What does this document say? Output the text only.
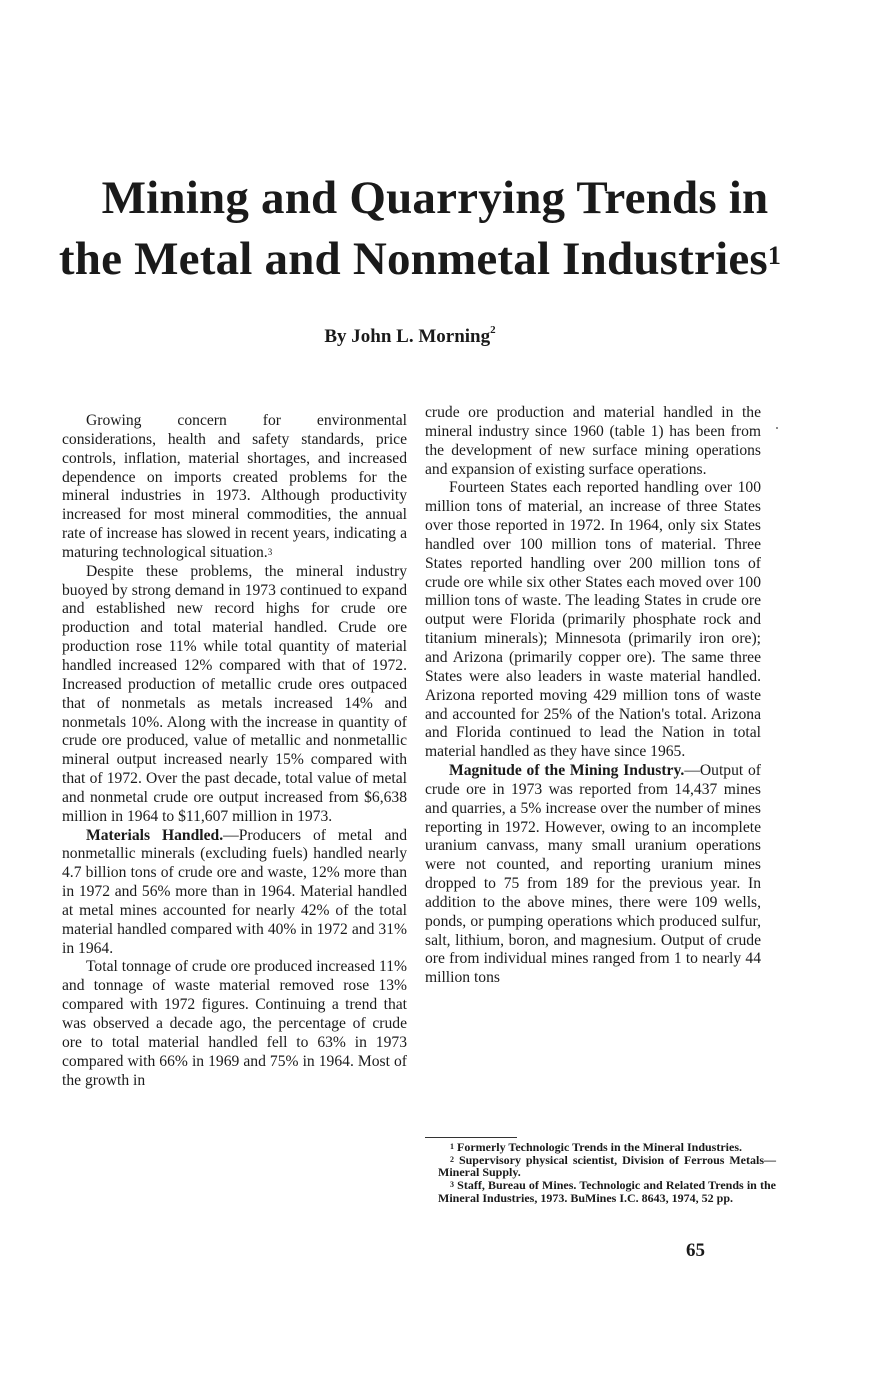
Mining and Quarrying Trends in
the Metal and Nonmetal Industries$^1$
By John L. Morning$^2$

Growing concern for environmental considerations, health and safety standards, price controls, inflation, material shortages, and increased dependence on imports created problems for the mineral industries in 1973. Although productivity increased for most mineral commodities, the annual rate of increase has slowed in recent years, indicating a maturing technological situation.$^3$

Despite these problems, the mineral industry buoyed by strong demand in 1973 continued to expand and established new record highs for crude ore production and total material handled. Crude ore production rose 11% while total quantity of material handled increased 12% compared with that of 1972. Increased production of metallic crude ores outpaced that of nonmetals as metals increased 14% and nonmetals 10%. Along with the increase in quantity of crude ore produced, value of metallic and nonmetallic mineral output increased nearly 15% compared with that of 1972. Over the past decade, total value of metal and nonmetal crude ore output increased from $6,638 million in 1964 to $11,607 million in 1973.

Materials Handled.—Producers of metal and nonmetallic minerals (excluding fuels) handled nearly 4.7 billion tons of crude ore and waste, 12% more than in 1972 and 56% more than in 1964. Material handled at metal mines accounted for nearly 42% of the total material handled compared with 40% in 1972 and 31% in 1964.

Total tonnage of crude ore produced increased 11% and tonnage of waste material removed rose 13% compared with 1972 figures. Continuing a trend that was observed a decade ago, the percentage of crude ore to total material handled fell to 63% in 1973 compared with 66% in 1969 and 75% in 1964. Most of the growth in

crude ore production and material handled in the mineral industry since 1960 (table 1) has been from the development of new surface mining operations and expansion of existing surface operations.

Fourteen States each reported handling over 100 million tons of material, an increase of three States over those reported in 1972. In 1964, only six States handled over 100 million tons of material. Three States reported handling over 200 million tons of crude ore while six other States each moved over 100 million tons of waste. The leading States in crude ore output were Florida (primarily phosphate rock and titanium minerals); Minnesota (primarily iron ore); and Arizona (primarily copper ore). The same three States were also leaders in waste material handled. Arizona reported moving 429 million tons of waste and accounted for 25% of the Nation's total. Arizona and Florida continued to lead the Nation in total material handled as they have since 1965.

Magnitude of the Mining Industry.—Output of crude ore in 1973 was reported from 14,437 mines and quarries, a 5% increase over the number of mines reporting in 1972. However, owing to an incomplete uranium canvass, many small uranium operations were not counted, and reporting uranium mines dropped to 75 from 189 for the previous year. In addition to the above mines, there were 109 wells, ponds, or pumping operations which produced sulfur, salt, lithium, boron, and magnesium. Output of crude ore from individual mines ranged from 1 to nearly 44 million tons

$^1$ Formerly Technologic Trends in the Mineral Industries.

$^2$ Supervisory physical scientist, Division of Ferrous Metals—Mineral Supply.

$^3$ Staff, Bureau of Mines. Technologic and Related Trends in the Mineral Industries, 1973. BuMines I.C. 8643, 1974, 52 pp.

65
